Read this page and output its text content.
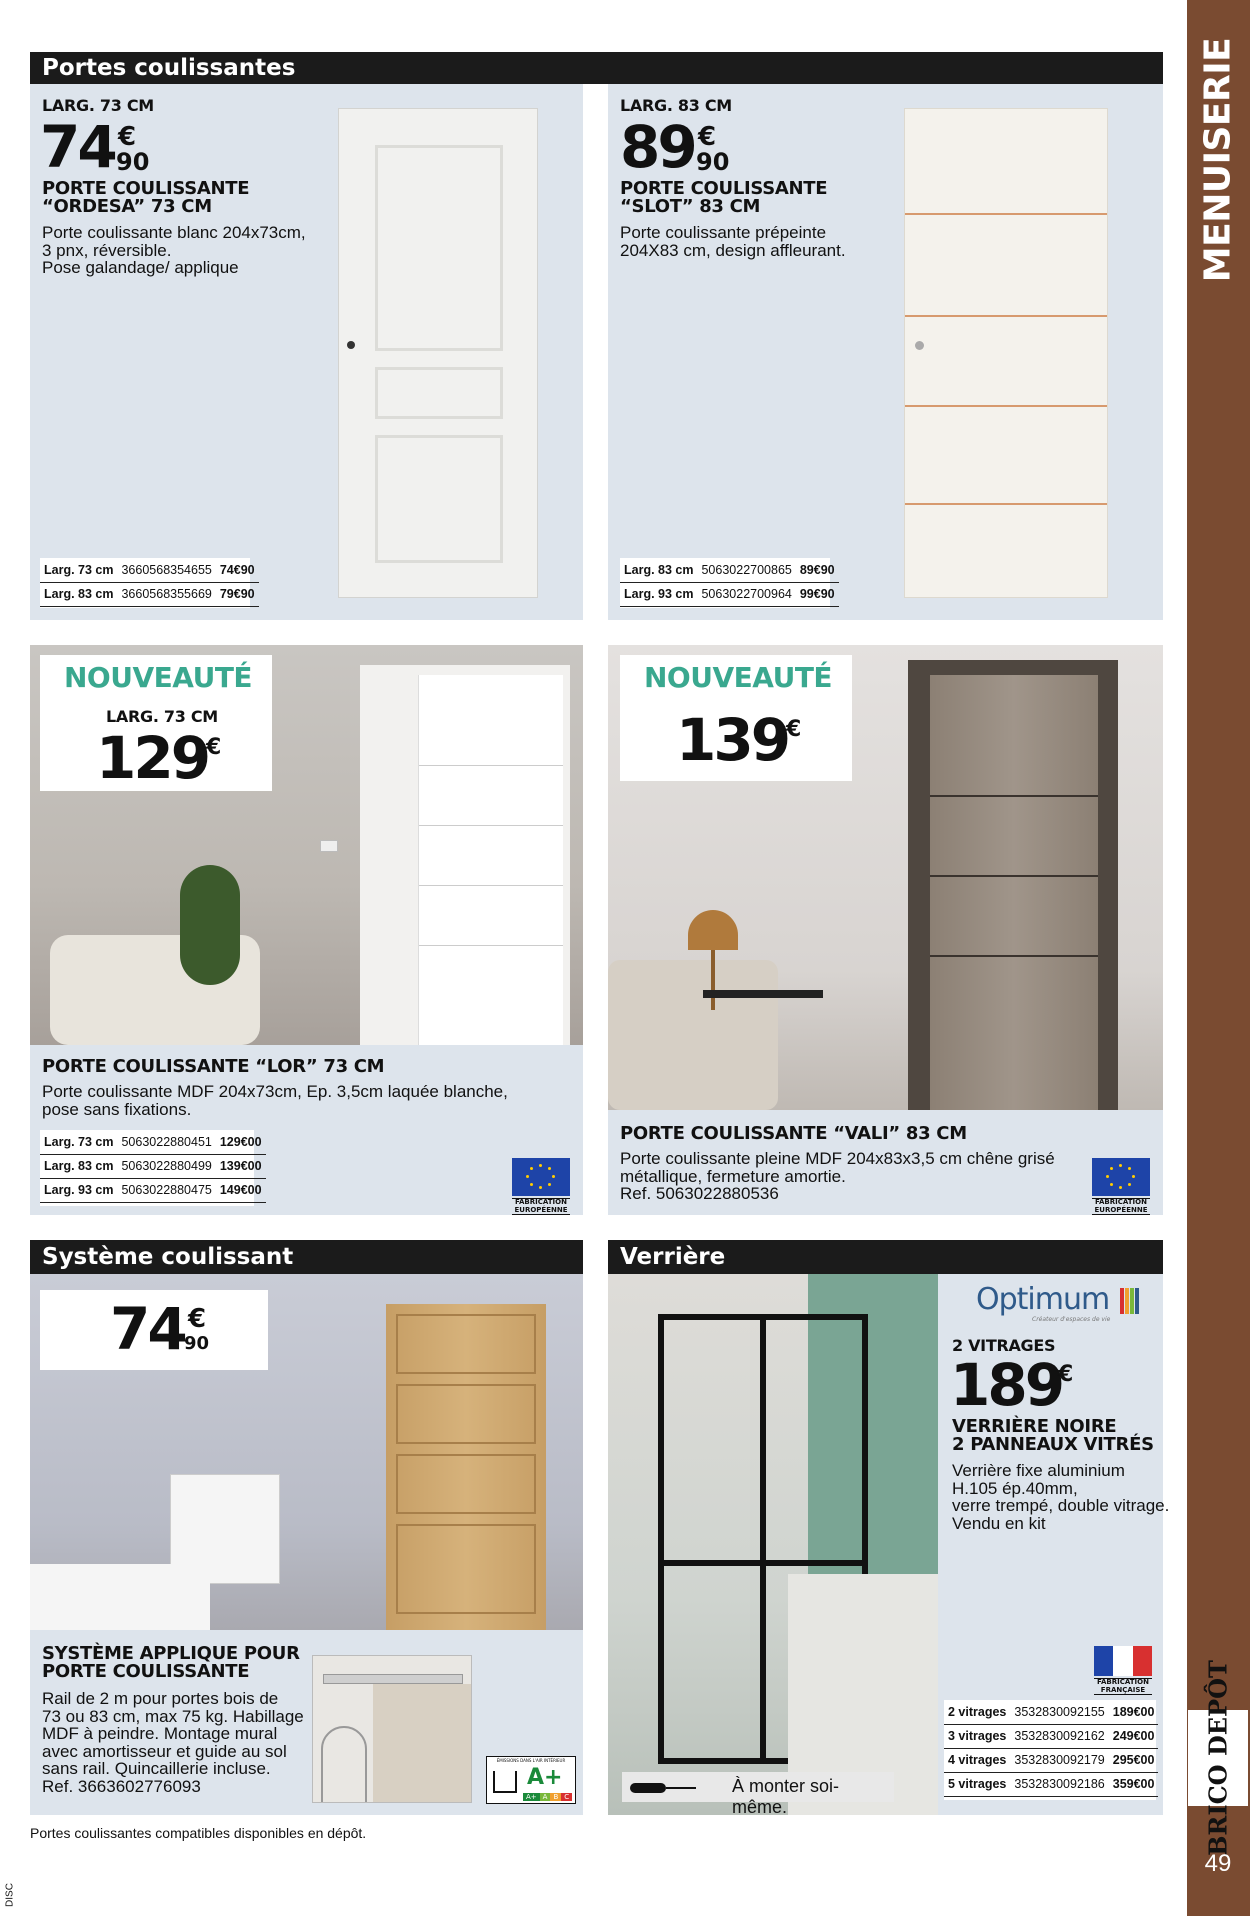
MENUISERIE
BRICO DEPÔT
49
Portes coulissantes
LARG. 73 CM
74 €
90
PORTE COULISSANTE
“ORDESA” 73 CM
Porte coulissante blanc 204x73cm,
3 pnx, réversible.
Pose galandage/ applique
Larg. 73 cm	3660568354655	74€90
Larg. 83 cm	3660568355669	79€90
LARG. 83 CM
89 €
90
PORTE COULISSANTE
“SLOT” 83 CM
Porte coulissante prépeinte
204X83 cm, design affleurant.
Larg. 83 cm	5063022700865	89€90
Larg. 93 cm	5063022700964	99€90
NOUVEAUTÉ
LARG. 73 CM
129
€
PORTE COULISSANTE “LOR” 73 CM
Porte coulissante MDF 204x73cm, Ep. 3,5cm laquée blanche,
pose sans fixations.
Larg. 73 cm	5063022880451	129€00
Larg. 83 cm	5063022880499	139€00
Larg. 93 cm	5063022880475	149€00
FABRICATION
EUROPÉENNE
NOUVEAUTÉ
139
€
PORTE COULISSANTE “VALI” 83 CM
Porte coulissante pleine MDF 204x83x3,5 cm chêne grisé
métallique, fermeture amortie.
Ref. 5063022880536	FABRICATION
EUROPÉENNE
Système coulissant
74 €
90
SYSTÈME APPLIQUE POUR
PORTE COULISSANTE
Rail de 2 m pour portes bois de
73 ou 83 cm, max 75 kg. Habillage
MDF à peindre. Montage mural
avec amortisseur et guide au sol
sans rail. Quincaillerie incluse.
Ref. 3663602776093
ÉMISSIONS DANS L'AIR INTÉRIEUR
A+
A+ A B C
Verrière
Optimum
Créateur d'espaces de vie
2 VITRAGES
189
€
VERRIÈRE NOIRE
2 PANNEAUX VITRÉS
Verrière fixe aluminium
H.105 ép.40mm,
verre trempé, double vitrage.
Vendu en kit
FABRICATION
FRANÇAISE
2 vitrages	3532830092155	189€00
3 vitrages	3532830092162	249€00
4 vitrages	3532830092179	295€00
5 vitrages	3532830092186	359€00
À monter soi-même.
Portes coulissantes compatibles disponibles en dépôt.
DISC
